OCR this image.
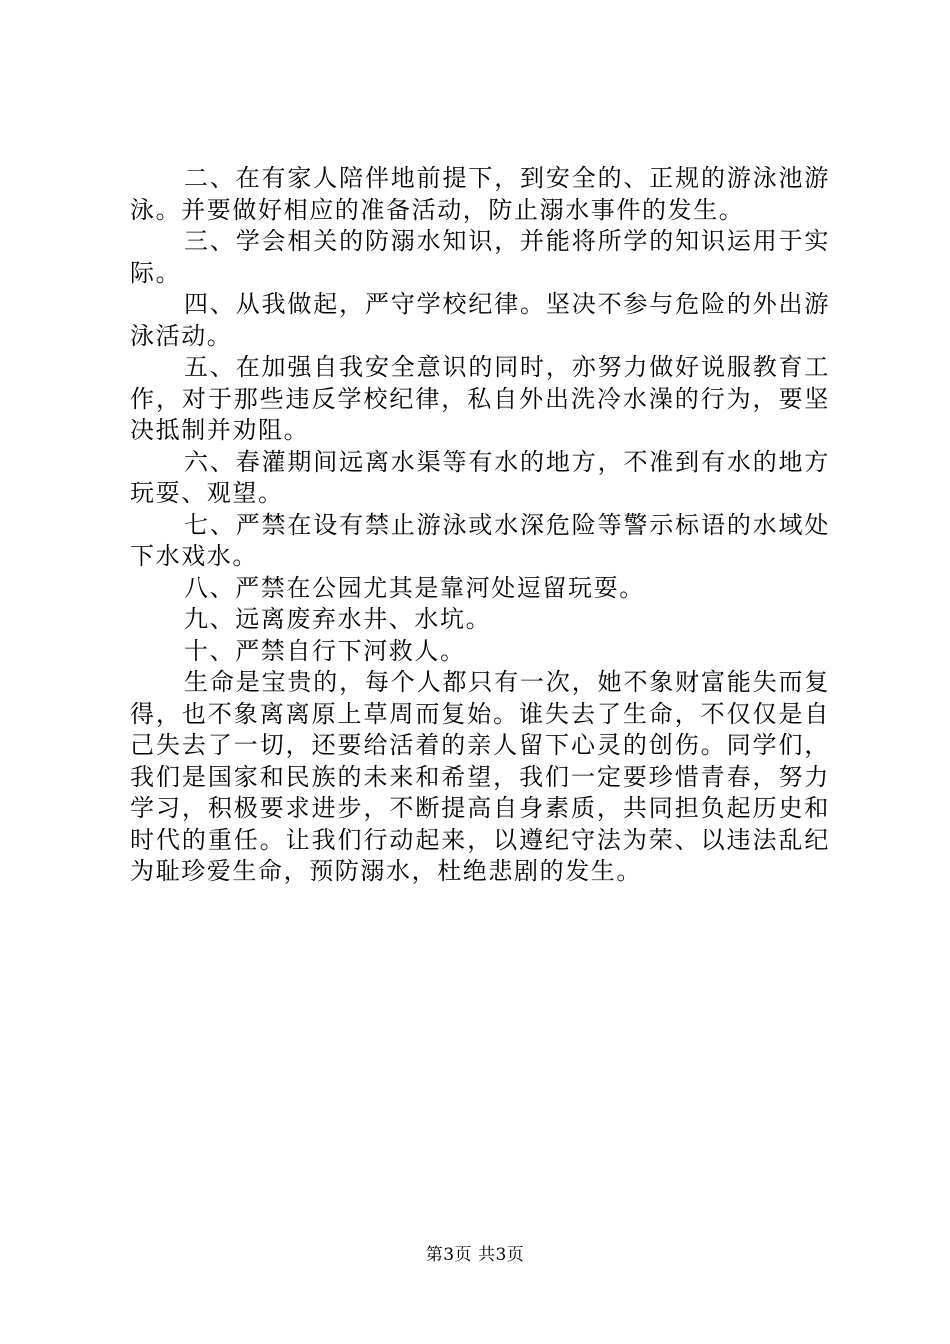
二、在有家人陪伴地前提下，到安全的、正规的游泳池游泳。并要做好相应的准备活动，防止溺水事件的发生。

三、学会相关的防溺水知识，并能将所学的知识运用于实际。

四、从我做起，严守学校纪律。坚决不参与危险的外出游泳活动。

五、在加强自我安全意识的同时，亦努力做好说服教育工作，对于那些违反学校纪律，私自外出洗冷水澡的行为，要坚决抵制并劝阻。

六、春灌期间远离水渠等有水的地方，不准到有水的地方玩耍、观望。

七、严禁在设有禁止游泳或水深危险等警示标语的水域处下水戏水。

八、严禁在公园尤其是靠河处逗留玩耍。

九、远离废弃水井、水坑。

十、严禁自行下河救人。

生命是宝贵的，每个人都只有一次，她不象财富能失而复得，也不象离离原上草周而复始。谁失去了生命，不仅仅是自己失去了一切，还要给活着的亲人留下心灵的创伤。同学们，我们是国家和民族的未来和希望，我们一定要珍惜青春，努力学习，积极要求进步，不断提高自身素质，共同担负起历史和时代的重任。让我们行动起来，以遵纪守法为荣、以违法乱纪为耻珍爱生命，预防溺水，杜绝悲剧的发生。

第3页 共3页
